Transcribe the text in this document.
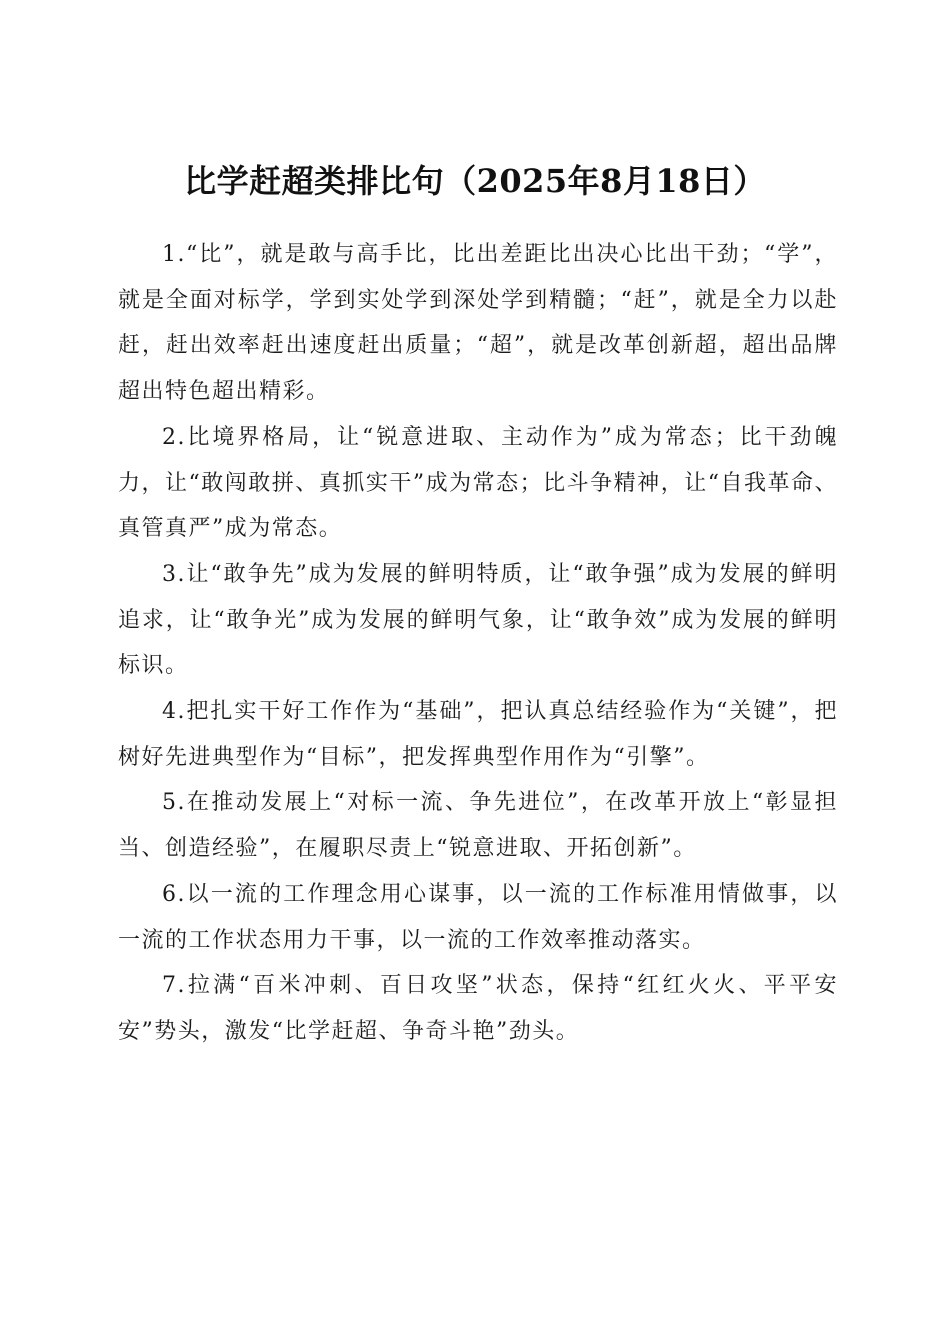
比学赶超类排比句（2025年8月18日）

1.“比”，就是敢与高手比，比出差距比出决心比出干劲；“学”，就是全面对标学，学到实处学到深处学到精髓；“赶”，就是全力以赴赶，赶出效率赶出速度赶出质量；“超”，就是改革创新超，超出品牌超出特色超出精彩。

2.比境界格局，让“锐意进取、主动作为”成为常态；比干劲魄力，让“敢闯敢拼、真抓实干”成为常态；比斗争精神，让“自我革命、真管真严”成为常态。

3.让“敢争先”成为发展的鲜明特质，让“敢争强”成为发展的鲜明追求，让“敢争光”成为发展的鲜明气象，让“敢争效”成为发展的鲜明标识。

4.把扎实干好工作作为“基础”，把认真总结经验作为“关键”，把树好先进典型作为“目标”，把发挥典型作用作为“引擎”。

5.在推动发展上“对标一流、争先进位”，在改革开放上“彰显担当、创造经验”，在履职尽责上“锐意进取、开拓创新”。

6.以一流的工作理念用心谋事，以一流的工作标准用情做事，以一流的工作状态用力干事，以一流的工作效率推动落实。

7.拉满“百米冲刺、百日攻坚”状态，保持“红红火火、平平安安”势头，激发“比学赶超、争奇斗艳”劲头。
